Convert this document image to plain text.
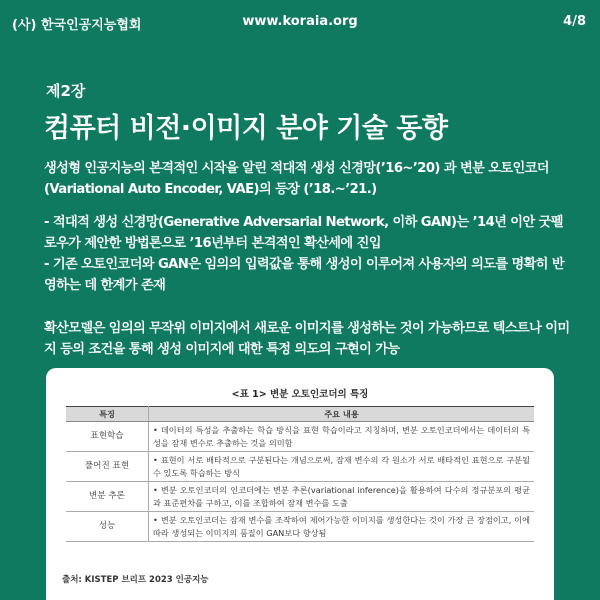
(사) 한국인공지능협회	www.koraia.org	4/8
제2장
컴퓨터 비전·이미지 분야 기술 동향

생성형 인공지능의 본격적인 시작을 알린 적대적 생성 신경망(’16~’20) 과 변분 오토인코더(Variational Auto Encoder, VAE)의 등장 (’18.~’21.)

- 적대적 생성 신경망(Generative Adversarial Network, 이하 GAN)는 ’14년 이안 굿펠로우가 제안한 방법론으로 ’16년부터 본격적인 확산세에 진입

- 기존 오토인코더와 GAN은 임의의 입력값을 통해 생성이 이루어져 사용자의 의도를 명확히 반영하는 데 한계가 존재

확산모델은 임의의 무작위 이미지에서 새로운 이미지를 생성하는 것이 가능하므로 텍스트나 이미지 등의 조건을 통해 생성 이미지에 대한 특정 의도의 구현이 가능

<표 1> 변분 오토인코더의 특징
특징	주요 내용
표현학습	• 데이터의 특성을 추출하는 학습 방식을 표현 학습이라고 지칭하며, 변분 오토인코더에서는 데이터의 특성을 잠재 변수로 추출하는 것을 의미함
풀어진 표현	• 표현이 서로 배타적으로 구분된다는 개념으로써, 잠재 변수의 각 원소가 서로 배타적인 표현으로 구분될 수 있도록 학습하는 방식
변분 추론	• 변분 오토인코더의 인코더에는 변분 추론(variational inference)을 활용하여 다수의 정규분포의 평균과 표준편차를 구하고, 이를 조합하여 잠재 변수를 도출
성능	• 변분 오토인코더는 잠재 변수를 조작하여 제어가능한 이미지를 생성한다는 것이 가장 큰 장점이고, 이에 따라 생성되는 이미지의 품질이 GAN보다 향상됨
출처: KISTEP 브리프 2023 인공지능
